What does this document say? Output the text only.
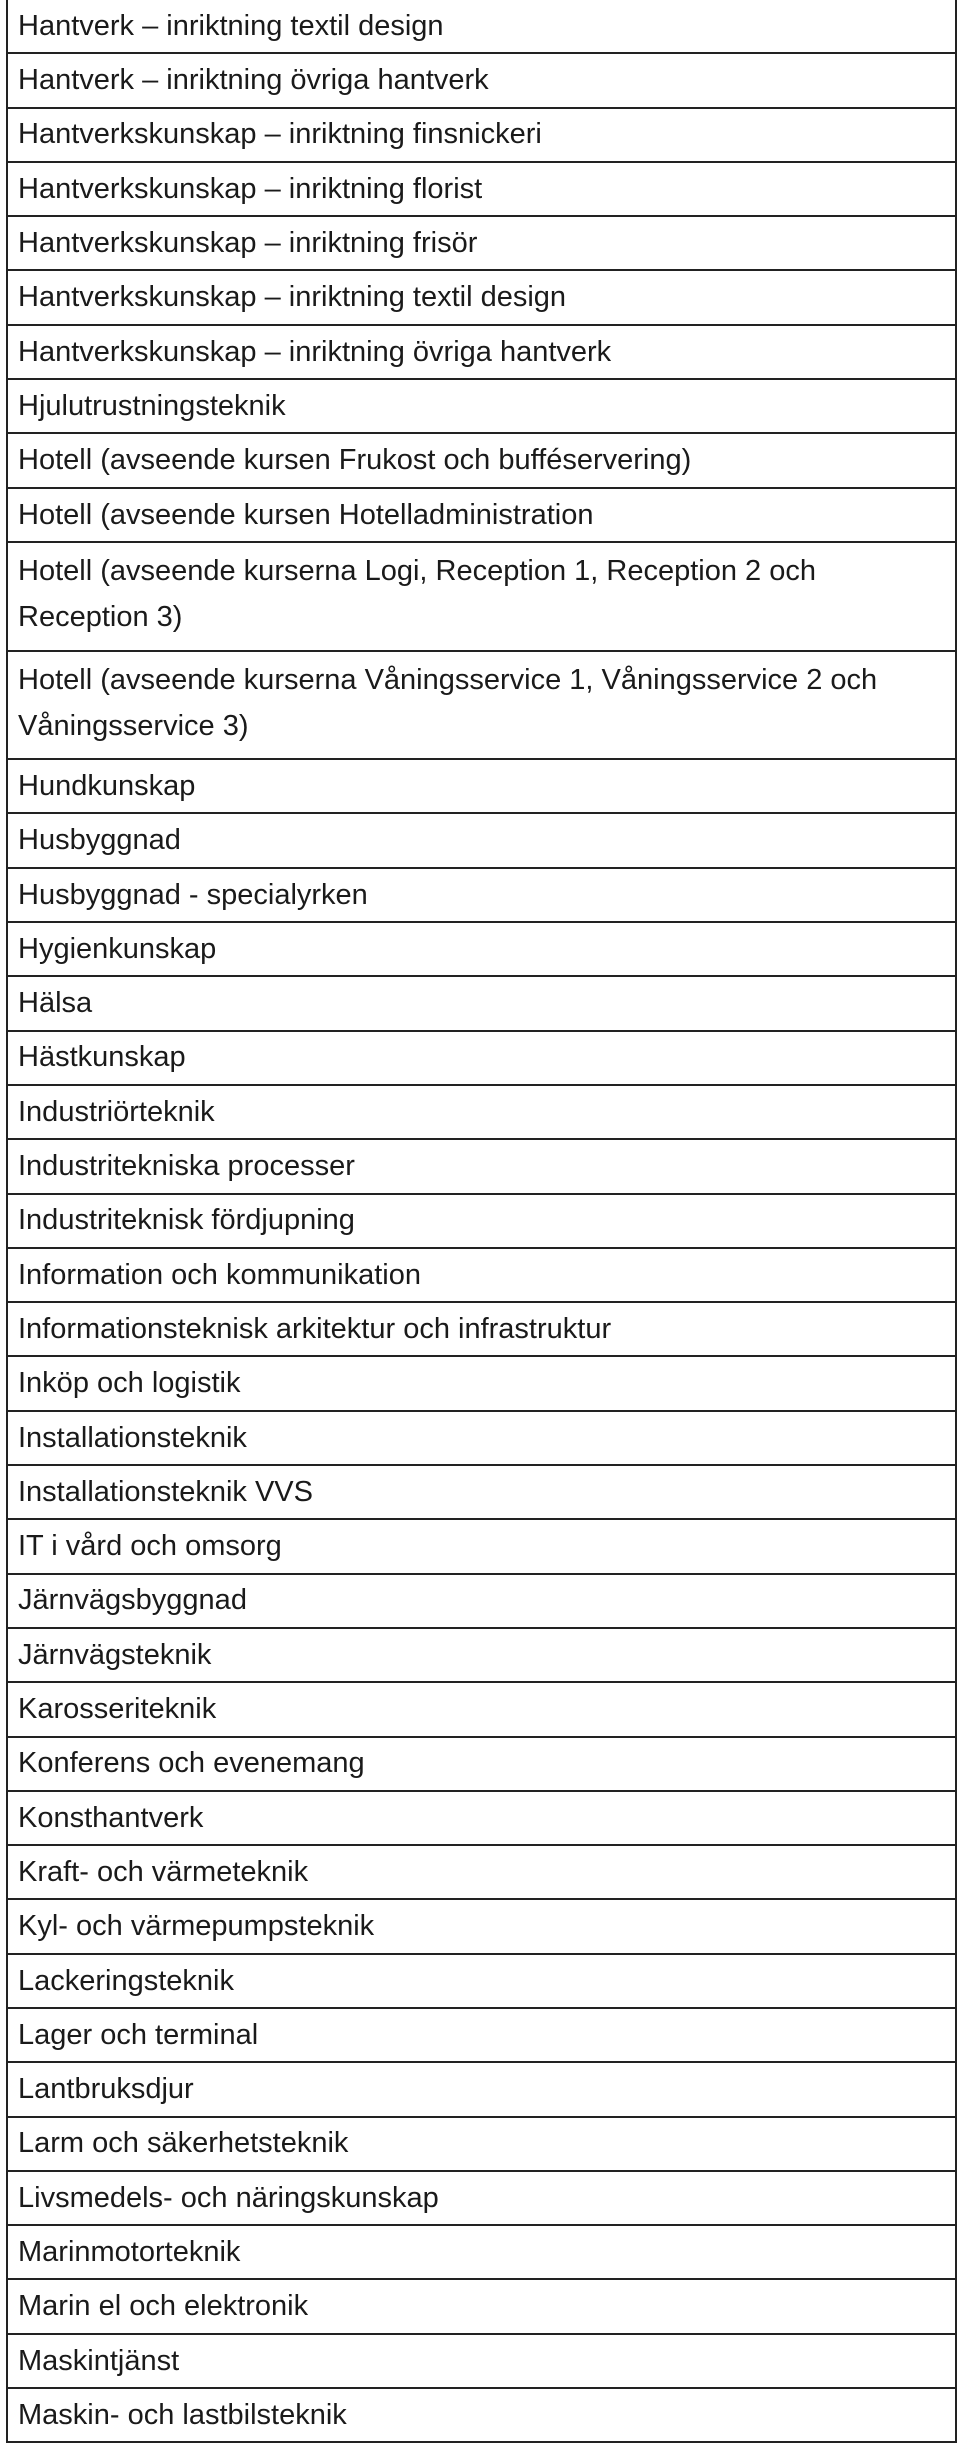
Hantverk – inriktning textil design
Hantverk – inriktning övriga hantverk
Hantverkskunskap – inriktning finsnickeri
Hantverkskunskap – inriktning florist
Hantverkskunskap – inriktning frisör
Hantverkskunskap – inriktning textil design
Hantverkskunskap – inriktning övriga hantverk
Hjulutrustningsteknik
Hotell (avseende kursen Frukost och bufféservering)
Hotell (avseende kursen Hotelladministration
Hotell (avseende kurserna Logi, Reception 1, Reception 2 och Reception 3)
Hotell (avseende kurserna Våningsservice 1, Våningsservice 2 och Våningsservice 3)
Hundkunskap
Husbyggnad
Husbyggnad - specialyrken
Hygienkunskap
Hälsa
Hästkunskap
Industriörteknik
Industritekniska processer
Industriteknisk fördjupning
Information och kommunikation
Informationsteknisk arkitektur och infrastruktur
Inköp och logistik
Installationsteknik
Installationsteknik VVS
IT i vård och omsorg
Järnvägsbyggnad
Järnvägsteknik
Karosseriteknik
Konferens och evenemang
Konsthantverk
Kraft- och värmeteknik
Kyl- och värmepumpsteknik
Lackeringsteknik
Lager och terminal
Lantbruksdjur
Larm och säkerhetsteknik
Livsmedels- och näringskunskap
Marinmotorteknik
Marin el och elektronik
Maskintjänst
Maskin- och lastbilsteknik
